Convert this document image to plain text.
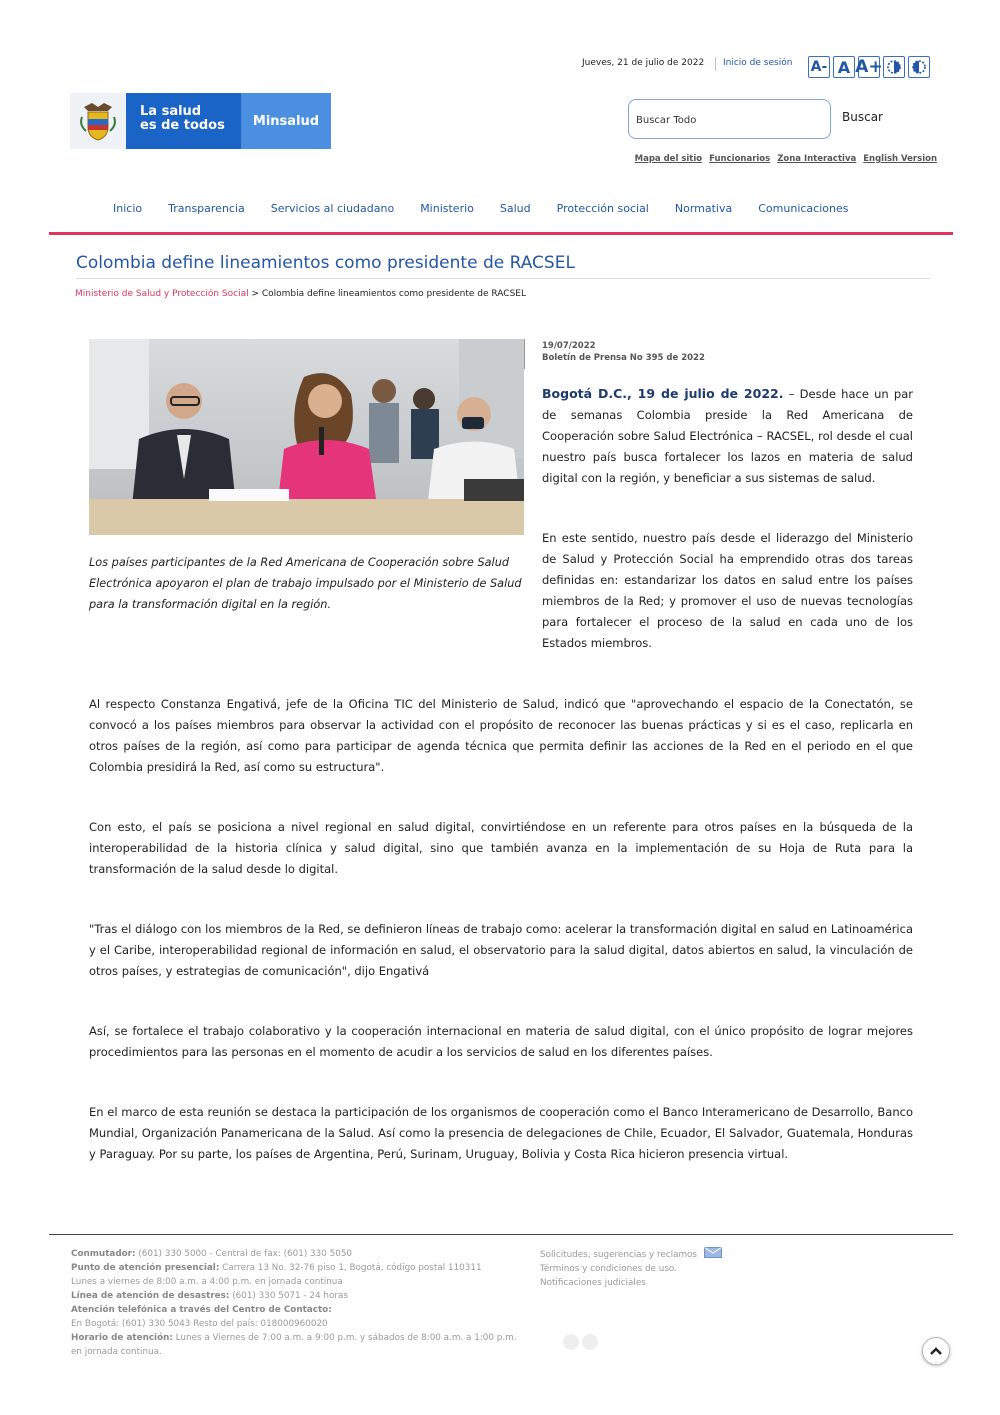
Jueves, 21 de julio de 2022 Inicio de sesión A- A A+
La salud
es de todos	Minsalud	Buscar Todo	Buscar
Mapa del sitio Funcionarios Zona Interactiva English Version
Inicio Transparencia Servicios al ciudadano Ministerio Salud Protección social Normativa Comunicaciones
Colombia define lineamientos como presidente de RACSEL
Ministerio de Salud y Protección Social > Colombia define lineamientos como presidente de RACSEL

Los países participantes de la Red Americana de Cooperación sobre Salud Electrónica apoyaron el plan de trabajo impulsado por el Ministerio de Salud para la transformación digital en la región.

19/07/2022
Boletín de Prensa No 395 de 2022

Bogotá D.C., 19 de julio de 2022. – Desde hace un par de semanas Colombia preside la Red Americana de Cooperación sobre Salud Electrónica – RACSEL, rol desde el cual nuestro país busca fortalecer los lazos en materia de salud digital con la región, y beneficiar a sus sistemas de salud.

En este sentido, nuestro país desde el liderazgo del Ministerio de Salud y Protección Social ha emprendido otras dos tareas definidas en: estandarizar los datos en salud entre los países miembros de la Red; y promover el uso de nuevas tecnologías para fortalecer el proceso de la salud en cada uno de los Estados miembros.

Al respecto Constanza Engativá, jefe de la Oficina TIC del Ministerio de Salud, indicó que "aprovechando el espacio de la Conectatón, se convocó a los países miembros para observar la actividad con el propósito de reconocer las buenas prácticas y si es el caso, replicarla en otros países de la región, así como para participar de agenda técnica que permita definir las acciones de la Red en el periodo en el que Colombia presidirá la Red, así como su estructura".

Con esto, el país se posiciona a nivel regional en salud digital, convirtiéndose en un referente para otros países en la búsqueda de la interoperabilidad de la historia clínica y salud digital, sino que también avanza en la implementación de su Hoja de Ruta para la transformación de la salud desde lo digital.

"Tras el diálogo con los miembros de la Red, se definieron líneas de trabajo como: acelerar la transformación digital en salud en Latinoamérica y el Caribe, interoperabilidad regional de información en salud, el observatorio para la salud digital, datos abiertos en salud, la vinculación de otros países, y estrategias de comunicación", dijo Engativá

Así, se fortalece el trabajo colaborativo y la cooperación internacional en materia de salud digital, con el único propósito de lograr mejores procedimientos para las personas en el momento de acudir a los servicios de salud en los diferentes países.

En el marco de esta reunión se destaca la participación de los organismos de cooperación como el Banco Interamericano de Desarrollo, Banco Mundial, Organización Panamericana de la Salud. Así como la presencia de delegaciones de Chile, Ecuador, El Salvador, Guatemala, Honduras y Paraguay. Por su parte, los países de Argentina, Perú, Surinam, Uruguay, Bolivia y Costa Rica hicieron presencia virtual.

Conmutador: (601) 330 5000 - Central de fax: (601) 330 5050
Punto de atención presencial: Carrera 13 No. 32-76 piso 1, Bogotá, código postal 110311
Lunes a viernes de 8:00 a.m. a 4:00 p.m. en jornada continua
Línea de atención de desastres: (601) 330 5071 - 24 horas
Atención telefónica a través del Centro de Contacto:
En Bogotá: (601) 330 5043 Resto del país: 018000960020
Horario de atención: Lunes a Viernes de 7:00 a.m. a 9:00 p.m. y sábados de 8:00 a.m. a 1:00 p.m. en jornada continua.
Solicitudes, sugerencias y reclamos
Términos y condiciones de uso.
Notificaciones judiciales
